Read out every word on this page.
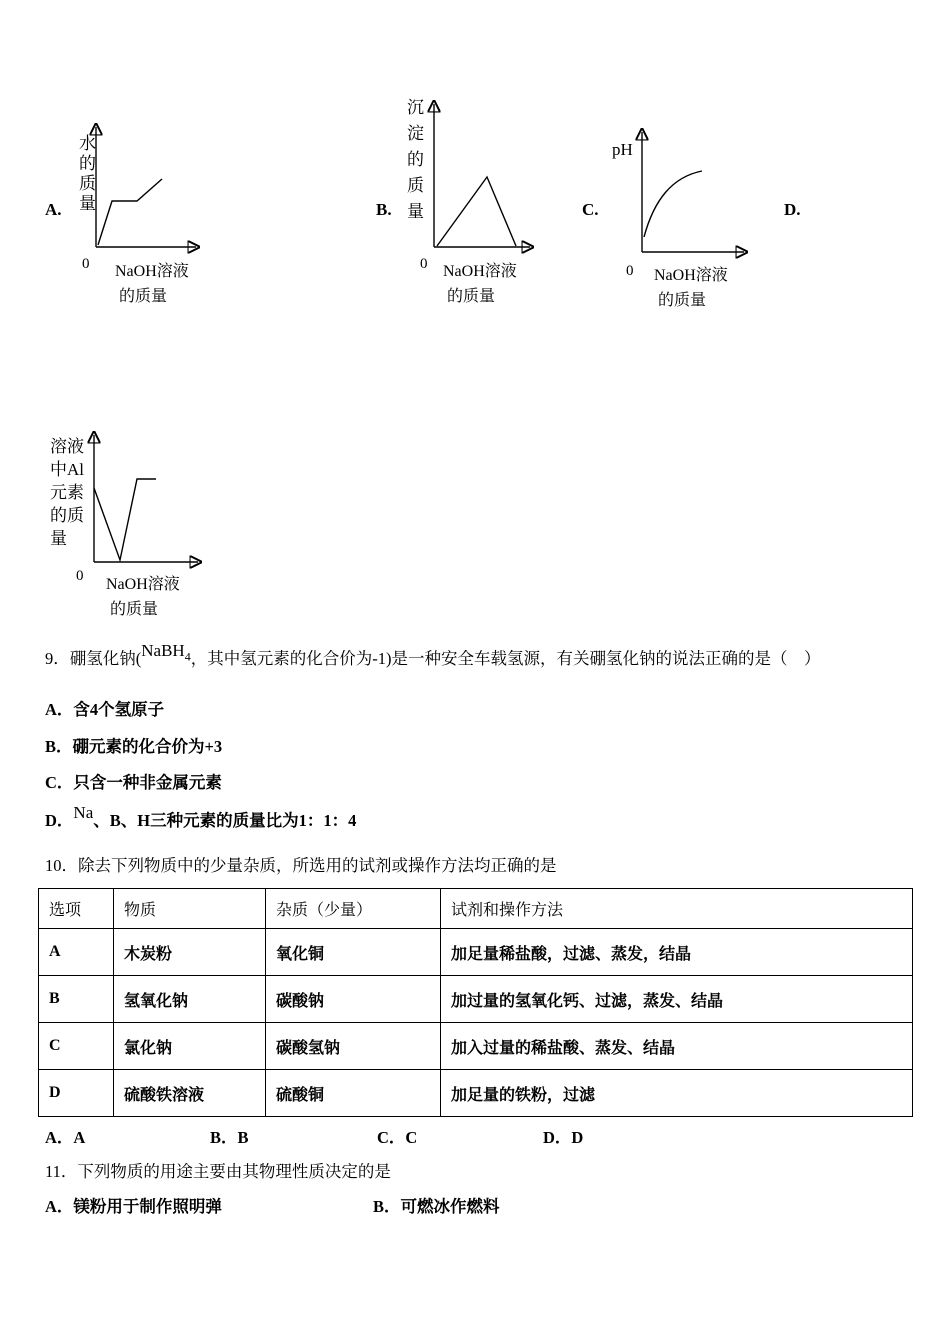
A.
水的质量
0 NaOH溶液
的质量
B.
沉淀的质量
0 NaOH溶液
的质量
C.
pH
0 NaOH溶液
的质量
D.
溶液
中Al
元素
的质
量
0 NaOH溶液
的质量
9．硼氢化钠(NaBH$_4$，其中氢元素的化合价为-1)是一种安全车载氢源，有关硼氢化钠的说法正确的是（　）
A．含4个氢原子
B．硼元素的化合价为+3
C．只含一种非金属元素
D．Na、B、H三种元素的质量比为1：1：4
10．除去下列物质中的少量杂质，所选用的试剂或操作方法均正确的是
选项	物质	杂质（少量）	试剂和操作方法
A	木炭粉	氧化铜	加足量稀盐酸，过滤、蒸发，结晶
B	氢氧化钠	碳酸钠	加过量的氢氧化钙、过滤，蒸发、结晶
C	氯化钠	碳酸氢钠	加入过量的稀盐酸、蒸发、结晶
D	硫酸铁溶液	硫酸铜	加足量的铁粉，过滤
A．A	B．B	C．C	D．D
11．下列物质的用途主要由其物理性质决定的是
A．镁粉用于制作照明弹	B．可燃冰作燃料
